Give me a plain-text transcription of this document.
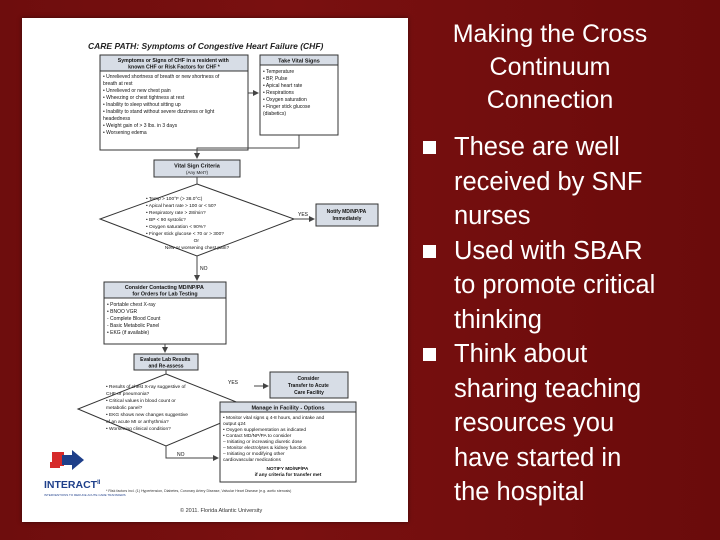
CARE PATH: Symptoms of Congestive Heart Failure (CHF)
Symptoms or Signs of CHF in a resident with known CHF or Risk Factors for CHF *
• Unrelieved shortness of breath or new shortness of breath at rest • Unrelieved or new chest pain • Wheezing or chest tightness at rest • Inability to sleep without sitting up • Inability to stand without severe dizziness or light headedness • Weight gain of > 3 lbs. in 3 days • Worsening edema
Take Vital Signs
• Temperature • BP, Pulse • Apical heart rate • Respirations • Oxygen saturation • Finger stick glucose (diabetics)
Vital Sign Criteria
(Any Met?)
• Temp > 100°F (> 38.0°C) • Apical heart rate > 100 or < 50? • Respiratory rate > 28/min? • BP < 90 systolic? • Oxygen saturation < 90%? • Finger stick glucose < 70 or > 300?
Or New or worsening chest pain?
YES	Notify MD/NP/PA Immediately
NO
Consider Contacting MD/NP/PA for Orders for Lab Testing
• Portable chest X-ray • BNOO VGR - Complete Blood Count - Basic Metabolic Panel • EKG (if available)
Evaluate Lab Results and Re-assess
• Results of chest X-ray suggestive of CHF or pneumonia? • Critical values in blood count or metabolic panel? • EKG shows new changes suggestive of an acute MI or arrhythmia? • Worsening clinical condition?
YES
Consider Transfer to Acute Care Facility
NO
Manage in Facility - Options
• Monitor vital signs q 4-8 hours, and intake and output q24 • Oxygen supplementation as indicated • Contact MD/NP/PA to consider – Initiating or increasing diuretic dose – Monitor electrolytes & kidney function – Initiating or modifying other cardiovascular medications
NOTIFY MD/NP/PA if any criteria for transfer met
$INTERACT^{II}$
INTERVENTIONS TO REDUCE ACUTE CARE TRANSFERS
* Risk factors incl. (1) Hypertension, Diabetes, Coronary Artery Disease, Valvular Heart Disease (e.g. aortic stenosis)
© 2011. Florida Atlantic University
Making the Cross
Continuum
Connection
These are well
received by SNF
nurses
Used with SBAR
to promote critical
thinking
Think about
sharing teaching
resources you
have started in
the hospital
